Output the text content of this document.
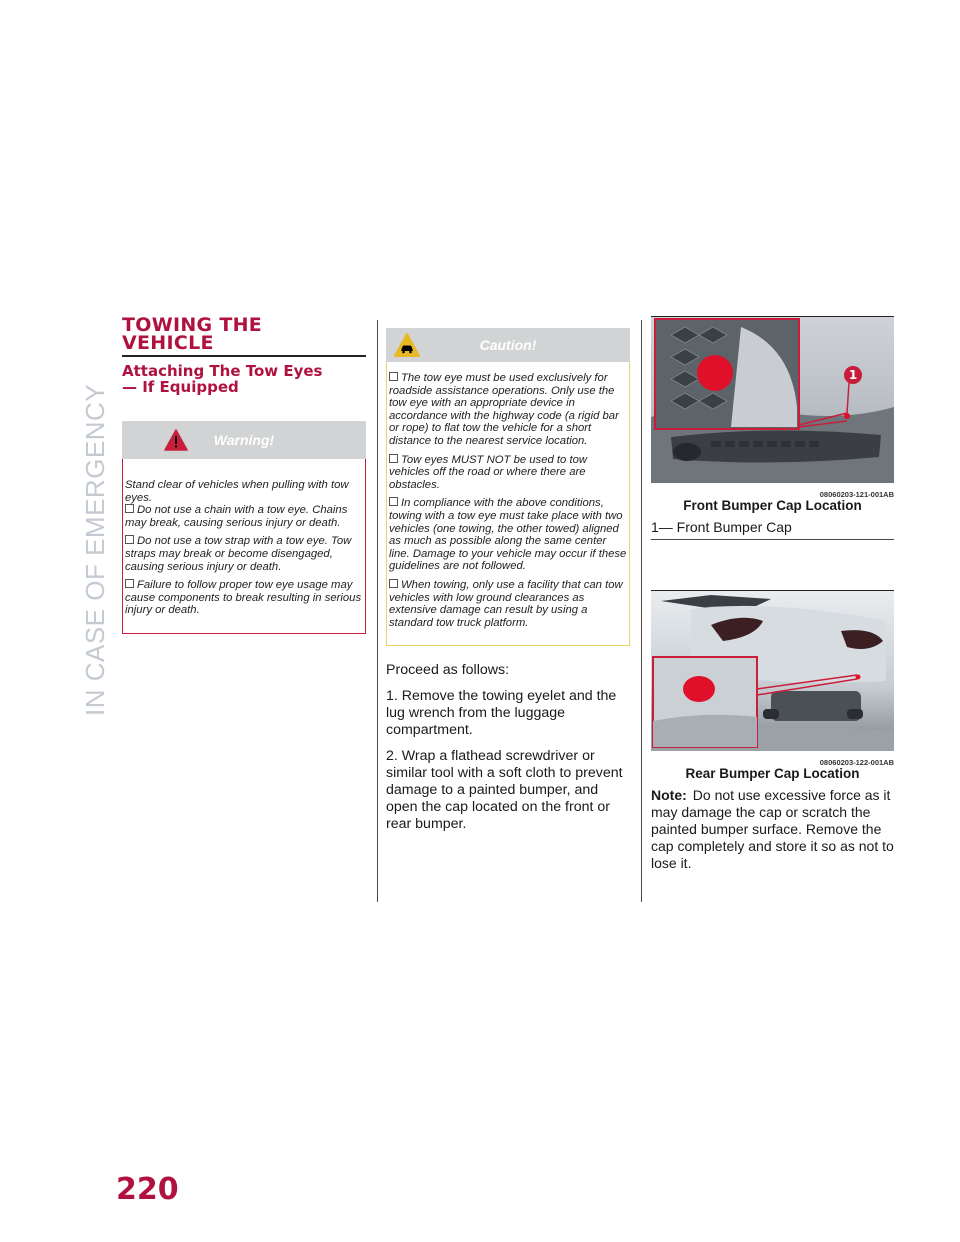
IN CASE OF EMERGENCY
220
TOWING THE
VEHICLE
Attaching The Tow Eyes
— If Equipped
Warning!

Stand clear of vehicles when pulling with tow eyes.

Do not use a chain with a tow eye. Chains may break, causing serious injury or death.

Do not use a tow strap with a tow eye. Tow straps may break or become disengaged, causing serious injury or death.

Failure to follow proper tow eye usage may cause components to break resulting in serious injury or death.

Caution!

The tow eye must be used exclusively for roadside assistance operations. Only use the tow eye with an appropriate device in accordance with the highway code (a rigid bar or rope) to flat tow the vehicle for a short distance to the nearest service location.

Tow eyes MUST NOT be used to tow vehicles off the road or where there are obstacles.

In compliance with the above conditions, towing with a tow eye must take place with two vehicles (one towing, the other towed) aligned as much as possible along the same center line. Damage to your vehicle may occur if these guidelines are not followed.

When towing, only use a facility that can tow vehicles with low ground clearances as extensive damage can result by using a standard tow truck platform.

Proceed as follows:

1. Remove the towing eyelet and the lug wrench from the luggage compartment.

2. Wrap a flathead screwdriver or similar tool with a soft cloth to prevent damage to a painted bumper, and open the cap located on the front or rear bumper.

1
08060203-121-001AB
Front Bumper Cap Location
1— Front Bumper Cap
08060203-122-001AB
Rear Bumper Cap Location
Note: Do not use excessive force as it may damage the cap or scratch the painted bumper surface. Remove the cap completely and store it so as not to lose it.
